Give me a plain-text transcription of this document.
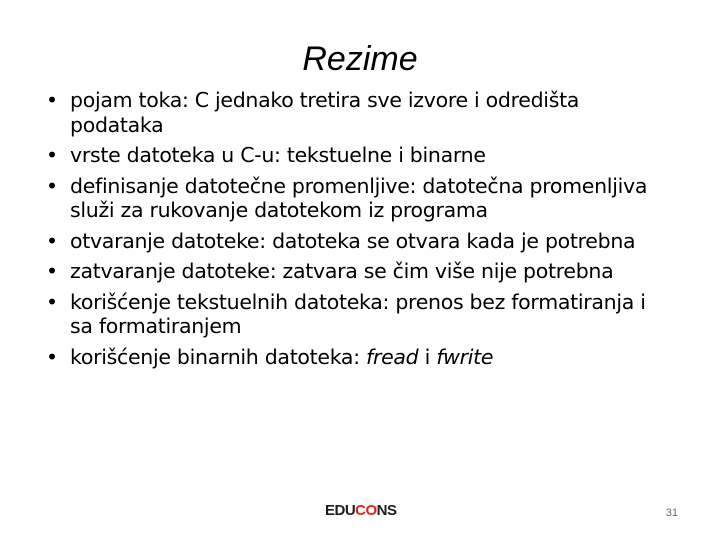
Rezime
• pojam toka: C jednako tretira sve izvore i odredišta podataka
• vrste datoteka u C-u: tekstuelne i binarne
• definisanje datotečne promenljive: datotečna promenljiva služi za rukovanje datotekom iz programa
• otvaranje datoteke: datoteka se otvara kada je potrebna
• zatvaranje datoteke: zatvara se čim više nije potrebna
• korišćenje tekstuelnih datoteka: prenos bez formatiranja i sa formatiranjem
• korišćenje binarnih datoteka: fread i fwrite
EDUCONS	31
